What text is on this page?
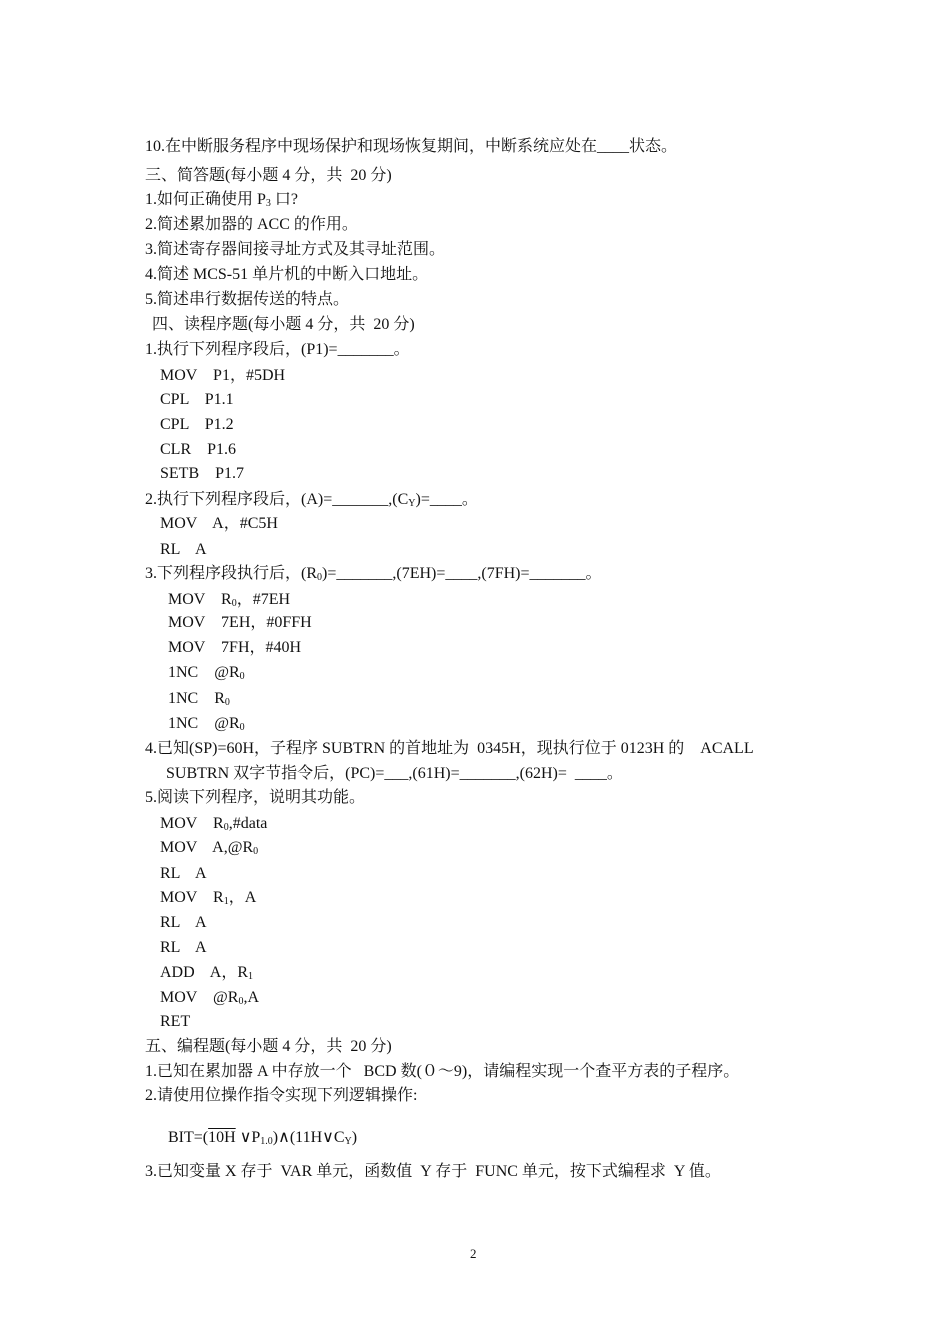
10.在中断服务程序中现场保护和现场恢复期间，中断系统应处在____状态。
三、简答题(每小题 4 分，共  20 分)
1.如何正确使用 $P_3$ 口?
2.简述累加器的 ACC 的作用。
3.简述寄存器间接寻址方式及其寻址范围。
4.简述 MCS-51 单片机的中断入口地址。
5.简述串行数据传送的特点。
四、读程序题(每小题 4 分，共  20 分)
1.执行下列程序段后，(P1)=_______。
MOV    P1，#5DH
CPL    P1.1
CPL    P1.2
CLR    P1.6
SETB    P1.7
2.执行下列程序段后，$(A)=\_\_\_\_\_\_\_,(C_Y)=\_\_\_\_$。
MOV    A，#C5H
RL    A
3.下列程序段执行后，$(R_0)=\_\_\_\_\_\_\_,(7EH)=\_\_\_\_,(7FH)=\_\_\_\_\_\_\_$。
MOV    $R_0$，#7EH
MOV    7EH，#0FFH
MOV    7FH，#40H
1NC    $@R_0$
1NC    $R_0$
1NC    $@R_0$
4.已知(SP)=60H，子程序 SUBTRN 的首地址为  0345H，现执行位于 0123H 的    ACALL
SUBTRN 双字节指令后，(PC)=___,(61H)=_______,(62H)=  ____。
5.阅读下列程序，说明其功能。
MOV    $R_0,\#data$
MOV    $A,@R_0$
RL    A
MOV    $R_1$，A
RL    A
RL    A
ADD    A，$R_1$
MOV    $@R_0,A$
RET
五、编程题(每小题 4 分，共  20 分)
1.已知在累加器 A 中存放一个   BCD 数(０～9)，请编程实现一个查平方表的子程序。
2.请使用位操作指令实现下列逻辑操作:
BIT=(10H $\vee P_{1.0})\wedge(11H\vee C_Y)$
3.已知变量 X 存于  VAR 单元，函数值  Y 存于  FUNC 单元，按下式编程求  Y 值。
2
